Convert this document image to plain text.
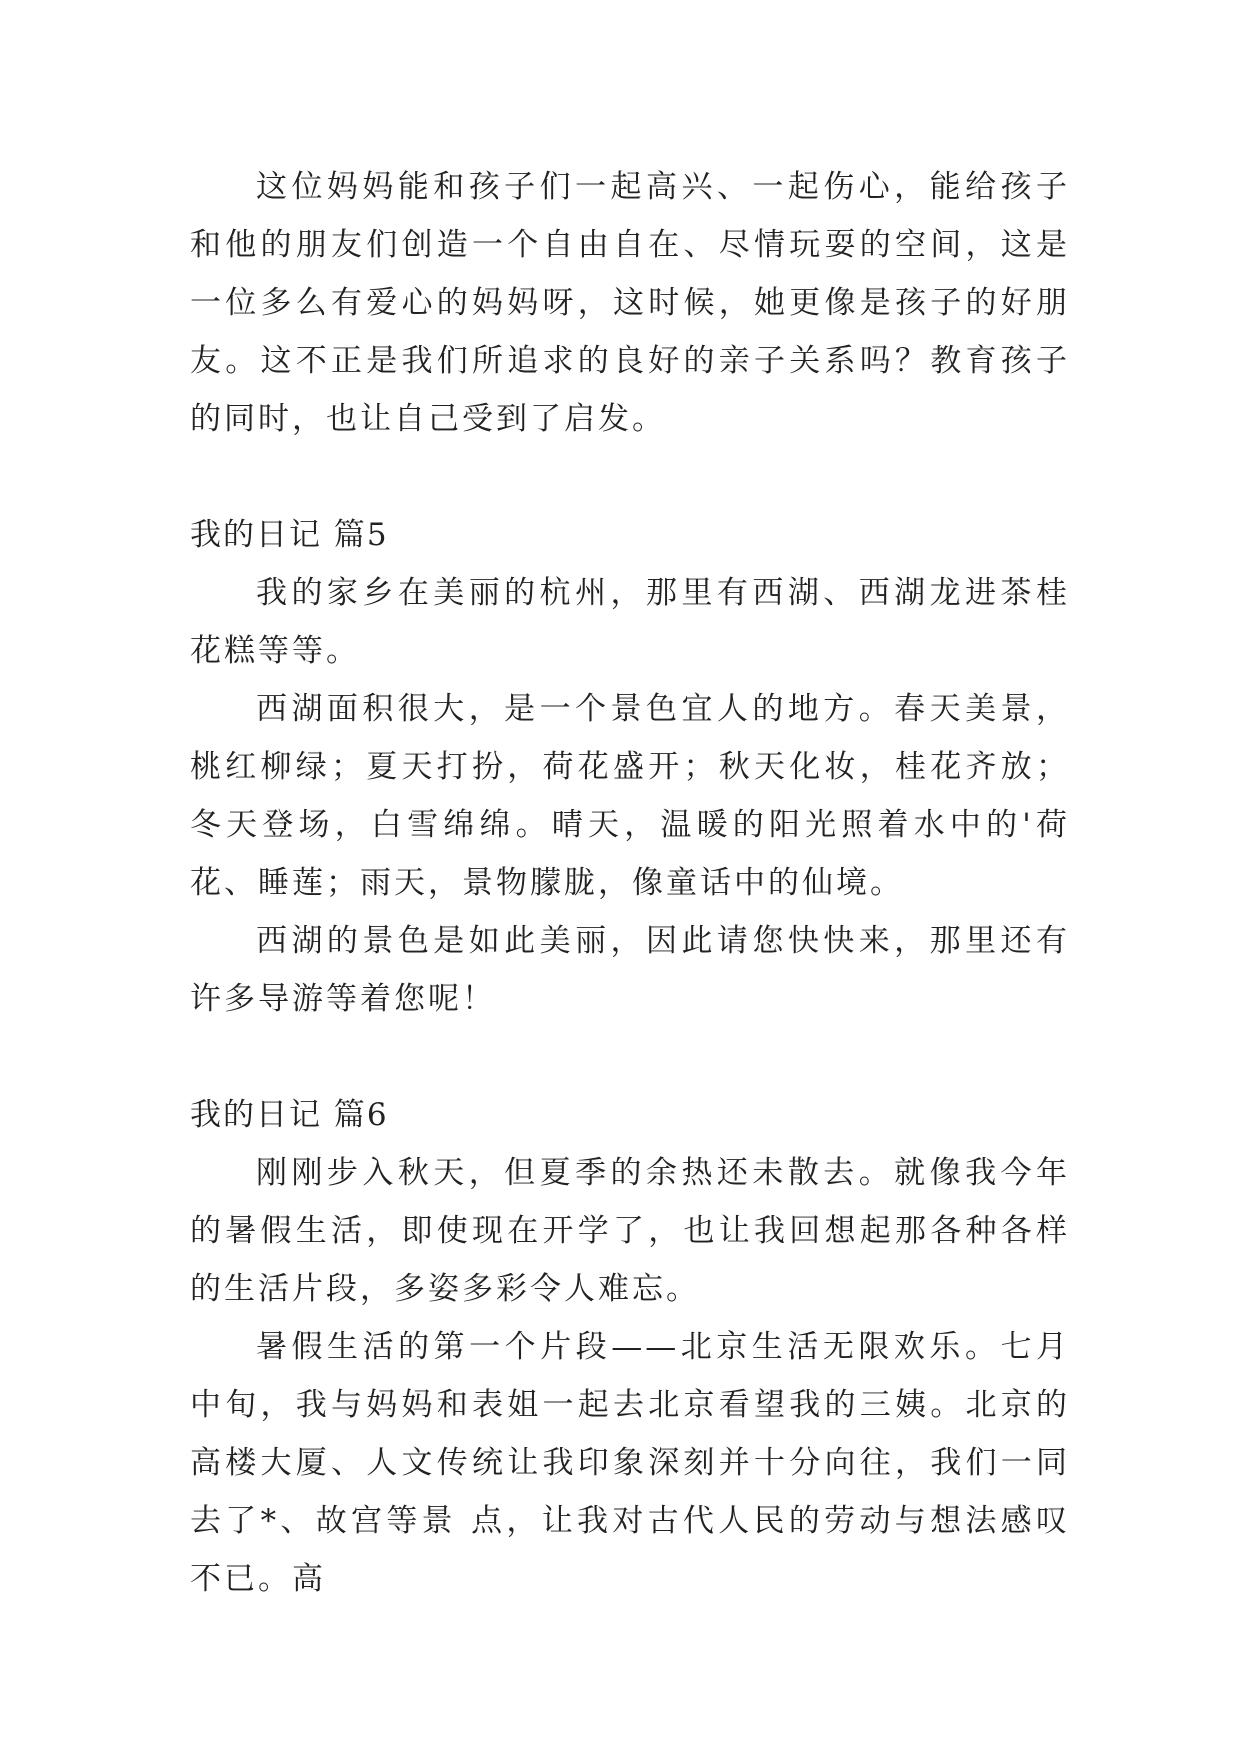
这位妈妈能和孩子们一起高兴、一起伤心，能给孩子和他的朋友们创造一个自由自在、尽情玩耍的空间，这是一位多么有爱心的妈妈呀，这时候，她更像是孩子的好朋友。这不正是我们所追求的良好的亲子关系吗？教育孩子的同时，也让自己受到了启发。

我的日记 篇5

我的家乡在美丽的杭州，那里有西湖、西湖龙进茶桂花糕等等。

西湖面积很大，是一个景色宜人的地方。春天美景，桃红柳绿；夏天打扮，荷花盛开；秋天化妆，桂花齐放；冬天登场，白雪绵绵。晴天，温暖的阳光照着水中的'荷花、睡莲；雨天，景物朦胧，像童话中的仙境。

西湖的景色是如此美丽，因此请您快快来，那里还有许多导游等着您呢！

我的日记 篇6

刚刚步入秋天，但夏季的余热还未散去。就像我今年的暑假生活，即使现在开学了，也让我回想起那各种各样的生活片段，多姿多彩令人难忘。

暑假生活的第一个片段——北京生活无限欢乐。七月中旬，我与妈妈和表姐一起去北京看望我的三姨。北京的高楼大厦、人文传统让我印象深刻并十分向往，我们一同去了*、故宫等景 点，让我对古代人民的劳动与想法感叹不已。高
